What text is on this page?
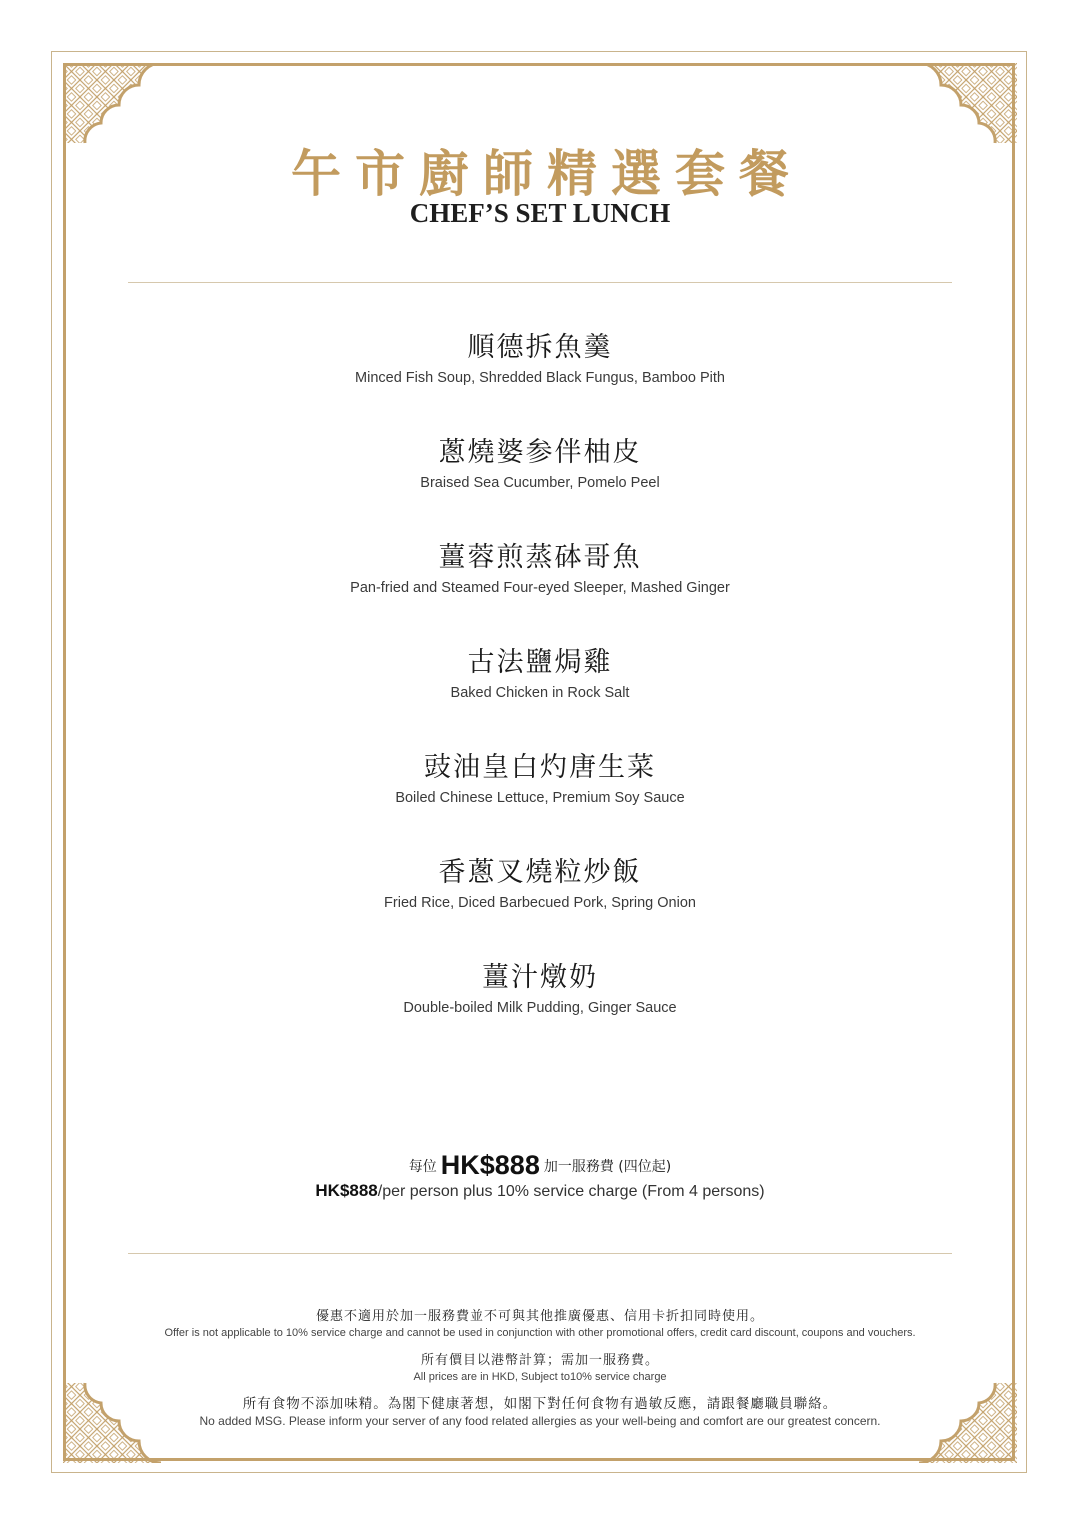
午市廚師精選套餐
CHEF’S SET LUNCH
順德拆魚羹
Minced Fish Soup, Shredded Black Fungus, Bamboo Pith
蔥燒婆参伴柚皮
Braised Sea Cucumber, Pomelo Peel
薑蓉煎蒸砵哥魚
Pan-fried and Steamed Four-eyed Sleeper, Mashed Ginger
古法鹽焗雞
Baked Chicken in Rock Salt
豉油皇白灼唐生菜
Boiled Chinese Lettuce, Premium Soy Sauce
香蔥叉燒粒炒飯
Fried Rice, Diced Barbecued Pork, Spring Onion
薑汁燉奶
Double-boiled Milk Pudding, Ginger Sauce
每位 HK$888 加一服務費 (四位起)
HK$888/per person plus 10% service charge (From 4 persons)
優惠不適用於加一服務費並不可與其他推廣優惠、信用卡折扣同時使用。
Offer is not applicable to 10% service charge and cannot be used in conjunction with other promotional offers, credit card discount, coupons and vouchers.
所有價目以港幣計算；需加一服務費。
All prices are in HKD, Subject to10% service charge
所有食物不添加味精。為閣下健康著想，如閣下對任何食物有過敏反應，請跟餐廳職員聯絡。
No added MSG. Please inform your server of any food related allergies as your well-being and comfort are our greatest concern.
